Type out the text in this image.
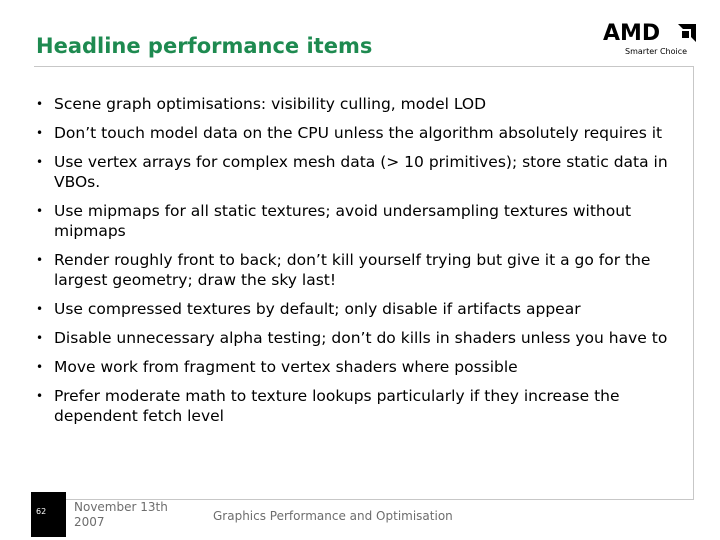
Headline performance items	AMD
Smarter Choice
• Scene graph optimisations: visibility culling, model LOD
• Don’t touch model data on the CPU unless the algorithm absolutely requires it
• Use vertex arrays for complex mesh data (> 10 primitives); store static data in VBOs.
• Use mipmaps for all static textures; avoid undersampling textures without mipmaps
• Render roughly front to back; don’t kill yourself trying but give it a go for the largest geometry; draw the sky last!
• Use compressed textures by default; only disable if artifacts appear
• Disable unnecessary alpha testing; don’t do kills in shaders unless you have to
• Move work from fragment to vertex shaders where possible
• Prefer moderate math to texture lookups particularly if they increase the dependent fetch level
62 November 13th 2007	Graphics Performance and Optimisation
